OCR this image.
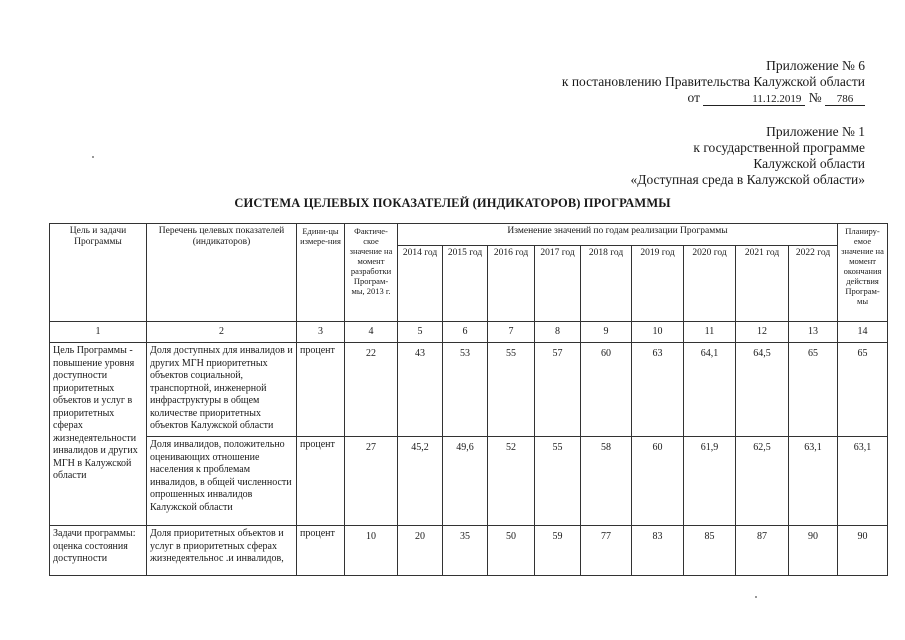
Приложение № 6
к постановлению Правительства Калужской области
от	11.12.2019 № 786
Приложение № 1
к государственной программе
Калужской области
«Доступная среда в Калужской области»
СИСТЕМА ЦЕЛЕВЫХ ПОКАЗАТЕЛЕЙ (ИНДИКАТОРОВ) ПРОГРАММЫ
Цель и задачи Программы	Перечень целевых показателей (индикаторов)	Едини-цы измере-ния	Фактиче-ское значение на момент разработки Програм-мы, 2013 г.	Изменение значений по годам реализации Программы									Планиру-емое значение на момент окончания действия Програм-мы
				2014 год	2015 год	2016 год	2017 год	2018 год	2019 год	2020 год	2021 год	2022 год	
1	2	3	4	5	6	7	8	9	10	11	12	13	14
Цель Программы - повышение уровня доступности приоритетных объектов и услуг в приоритетных сферах жизнедеятельности инвалидов и других МГН в Калужской области	Доля доступных для инвалидов и других МГН приоритетных объектов социальной, транспортной, инженерной инфраструктуры в общем количестве приоритетных объектов Калужской области	процент	22	43	53	55	57	60	63	64,1	64,5	65	65
	Доля инвалидов, положительно оценивающих отношение населения к проблемам инвалидов, в общей численности опрошенных инвалидов Калужской области	процент	27	45,2	49,6	52	55	58	60	61,9	62,5	63,1	63,1
Задачи программы: оценка состояния доступности	Доля приоритетных объектов и услуг в приоритетных сферах жизнедеятельнос .и инвалидов,	процент	10	20	35	50	59	77	83	85	87	90	90
